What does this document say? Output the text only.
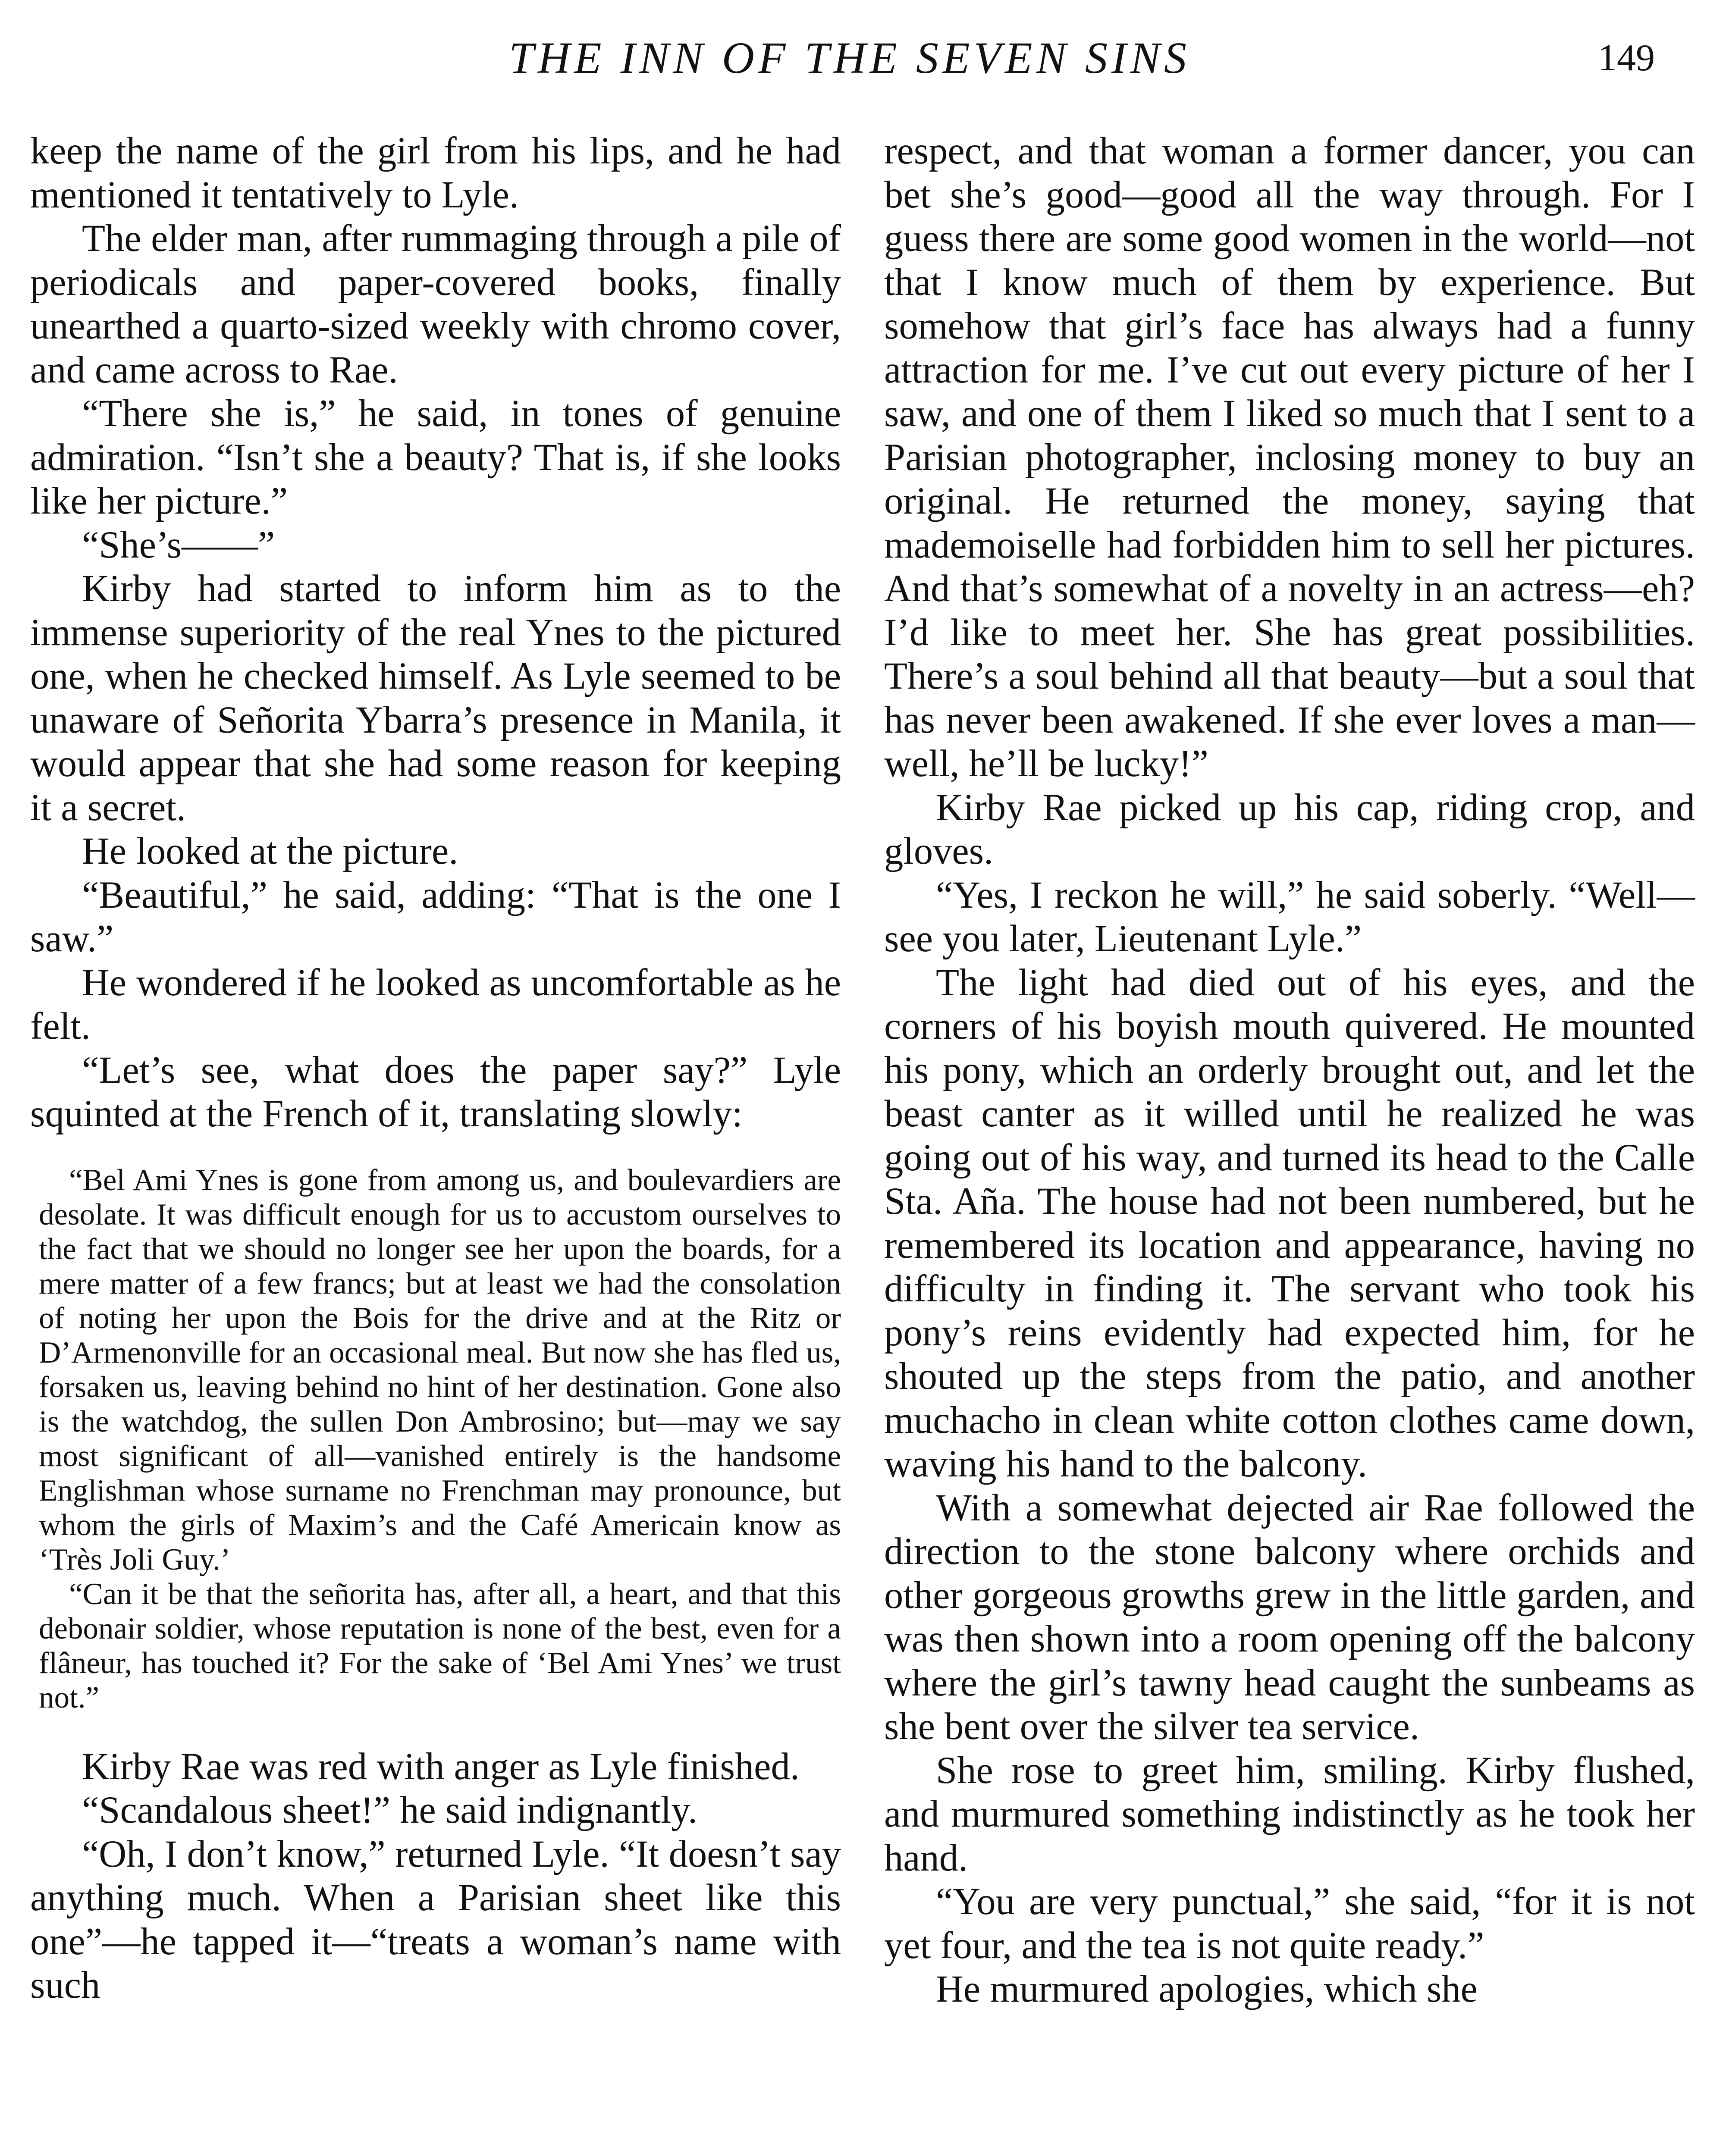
THE INN OF THE SEVEN SINS	149

keep the name of the girl from his lips, and he had mentioned it tentatively to Lyle.

The elder man, after rummaging through a pile of periodicals and paper-covered books, finally unearthed a quarto-sized weekly with chromo cover, and came across to Rae.

“There she is,” he said, in tones of genuine admiration. “Isn’t she a beauty? That is, if she looks like her picture.”

“She’s——”

Kirby had started to inform him as to the immense superiority of the real Ynes to the pictured one, when he checked himself. As Lyle seemed to be unaware of Señorita Ybarra’s presence in Manila, it would appear that she had some reason for keeping it a secret.

He looked at the picture.

“Beautiful,” he said, adding: “That is the one I saw.”

He wondered if he looked as uncomfortable as he felt.

“Let’s see, what does the paper say?” Lyle squinted at the French of it, translating slowly:

“Bel Ami Ynes is gone from among us, and boulevardiers are desolate. It was difficult enough for us to accustom ourselves to the fact that we should no longer see her upon the boards, for a mere matter of a few francs; but at least we had the consolation of noting her upon the Bois for the drive and at the Ritz or D’Armenonville for an occasional meal. But now she has fled us, forsaken us, leaving behind no hint of her destination. Gone also is the watchdog, the sullen Don Ambrosino; but—may we say most significant of all—vanished entirely is the handsome Englishman whose surname no Frenchman may pronounce, but whom the girls of Maxim’s and the Café Americain know as ‘Très Joli Guy.’

“Can it be that the señorita has, after all, a heart, and that this debonair soldier, whose reputation is none of the best, even for a flâneur, has touched it? For the sake of ‘Bel Ami Ynes’ we trust not.”

Kirby Rae was red with anger as Lyle finished.

“Scandalous sheet!” he said indignantly.

“Oh, I don’t know,” returned Lyle. “It doesn’t say anything much. When a Parisian sheet like this one”—he tapped it—“treats a woman’s name with such

respect, and that woman a former dancer, you can bet she’s good—good all the way through. For I guess there are some good women in the world—not that I know much of them by experience. But somehow that girl’s face has always had a funny attraction for me. I’ve cut out every picture of her I saw, and one of them I liked so much that I sent to a Parisian photographer, inclosing money to buy an original. He returned the money, saying that mademoiselle had forbidden him to sell her pictures. And that’s somewhat of a novelty in an actress—eh? I’d like to meet her. She has great possibilities. There’s a soul behind all that beauty—but a soul that has never been awakened. If she ever loves a man—well, he’ll be lucky!”

Kirby Rae picked up his cap, riding crop, and gloves.

“Yes, I reckon he will,” he said soberly. “Well—see you later, Lieutenant Lyle.”

The light had died out of his eyes, and the corners of his boyish mouth quivered. He mounted his pony, which an orderly brought out, and let the beast canter as it willed until he realized he was going out of his way, and turned its head to the Calle Sta. Aña. The house had not been numbered, but he remembered its location and appearance, having no difficulty in finding it. The servant who took his pony’s reins evidently had expected him, for he shouted up the steps from the patio, and another muchacho in clean white cotton clothes came down, waving his hand to the balcony.

With a somewhat dejected air Rae followed the direction to the stone balcony where orchids and other gorgeous growths grew in the little garden, and was then shown into a room opening off the balcony where the girl’s tawny head caught the sunbeams as she bent over the silver tea service.

She rose to greet him, smiling. Kirby flushed, and murmured something indistinctly as he took her hand.

“You are very punctual,” she said, “for it is not yet four, and the tea is not quite ready.”

He murmured apologies, which she
